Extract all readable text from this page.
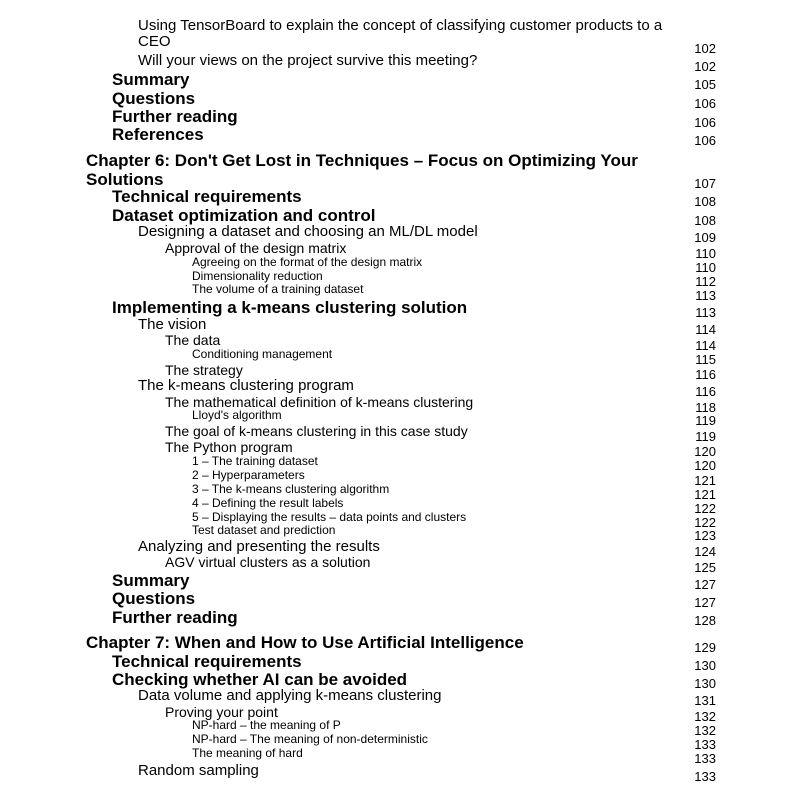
Using TensorBoard to explain the concept of classifying customer products to a CEO	102
Will your views on the project survive this meeting?	102
Summary	105
Questions	106
Further reading	106
References	106
Chapter 6: Don't Get Lost in Techniques – Focus on Optimizing Your Solutions	107
Technical requirements	108
Dataset optimization and control	108
Designing a dataset and choosing an ML/DL model	109
Approval of the design matrix	110
Agreeing on the format of the design matrix	110
Dimensionality reduction	112
The volume of a training dataset	113
Implementing a k-means clustering solution	113
The vision	114
The data	114
Conditioning management	115
The strategy	116
The k-means clustering program	116
The mathematical definition of k-means clustering	118
Lloyd's algorithm	119
The goal of k-means clustering in this case study	119
The Python program	120
1 – The training dataset	120
2 – Hyperparameters	121
3 – The k-means clustering algorithm	121
4 – Defining the result labels	122
5 – Displaying the results – data points and clusters	122
Test dataset and prediction	123
Analyzing and presenting the results	124
AGV virtual clusters as a solution	125
Summary	127
Questions	127
Further reading	128
Chapter 7: When and How to Use Artificial Intelligence	129
Technical requirements	130
Checking whether AI can be avoided	130
Data volume and applying k-means clustering	131
Proving your point	132
NP-hard – the meaning of P	132
NP-hard – The meaning of non-deterministic	133
The meaning of hard	133
Random sampling	133
